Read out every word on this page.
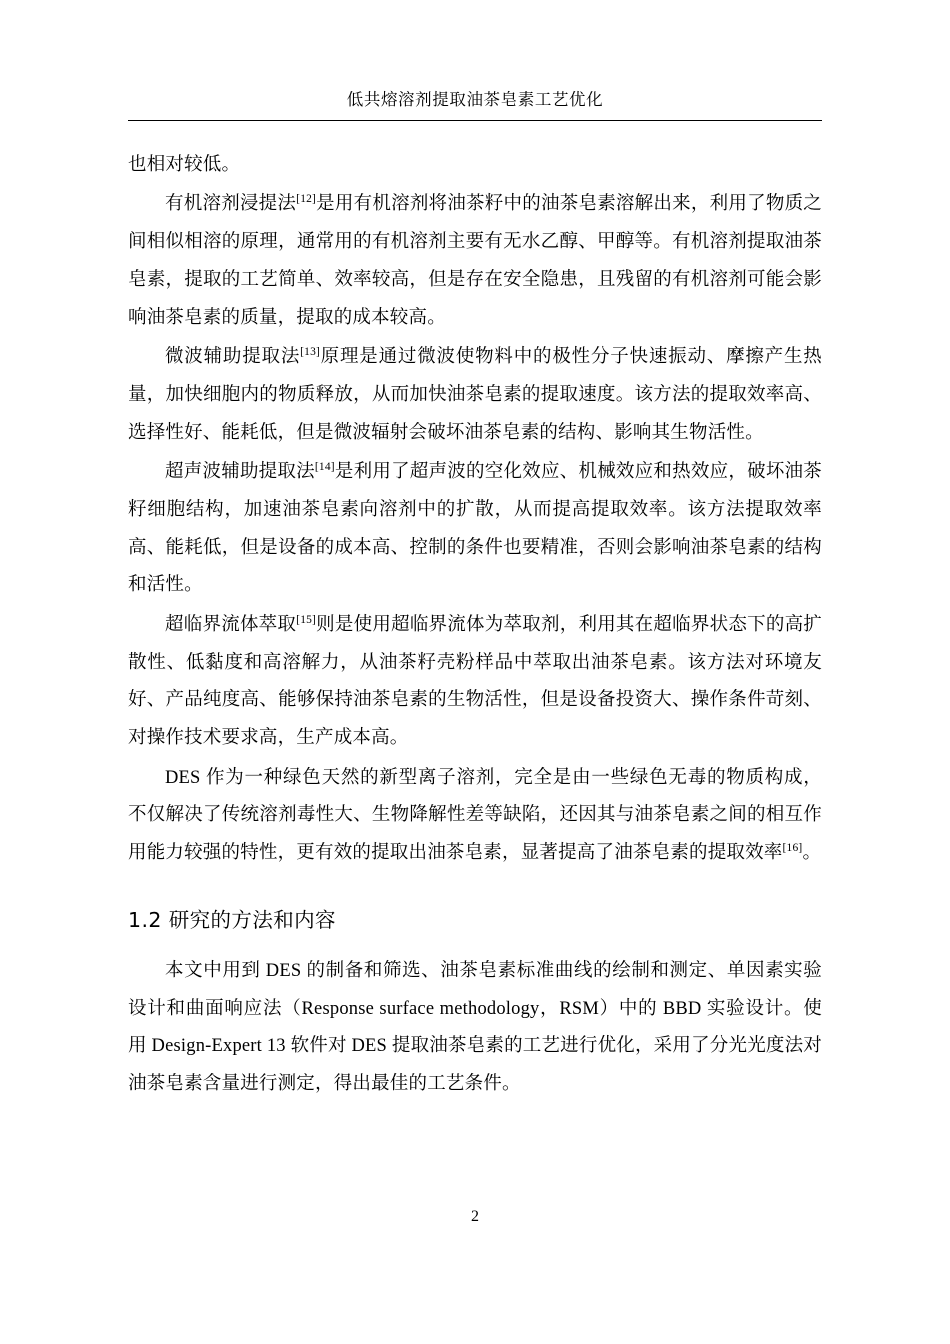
低共熔溶剂提取油茶皂素工艺优化

也相对较低。

有机溶剂浸提法[12]是用有机溶剂将油茶籽中的油茶皂素溶解出来，利用了物质之间相似相溶的原理，通常用的有机溶剂主要有无水乙醇、甲醇等。有机溶剂提取油茶皂素，提取的工艺简单、效率较高，但是存在安全隐患，且残留的有机溶剂可能会影响油茶皂素的质量，提取的成本较高。

微波辅助提取法[13]原理是通过微波使物料中的极性分子快速振动、摩擦产生热量，加快细胞内的物质释放，从而加快油茶皂素的提取速度。该方法的提取效率高、选择性好、能耗低，但是微波辐射会破坏油茶皂素的结构、影响其生物活性。

超声波辅助提取法[14]是利用了超声波的空化效应、机械效应和热效应，破坏油茶籽细胞结构，加速油茶皂素向溶剂中的扩散，从而提高提取效率。该方法提取效率高、能耗低，但是设备的成本高、控制的条件也要精准，否则会影响油茶皂素的结构和活性。

超临界流体萃取[15]则是使用超临界流体为萃取剂，利用其在超临界状态下的高扩散性、低黏度和高溶解力，从油茶籽壳粉样品中萃取出油茶皂素。该方法对环境友好、产品纯度高、能够保持油茶皂素的生物活性，但是设备投资大、操作条件苛刻、对操作技术要求高，生产成本高。

DES 作为一种绿色天然的新型离子溶剂，完全是由一些绿色无毒的物质构成，不仅解决了传统溶剂毒性大、生物降解性差等缺陷，还因其与油茶皂素之间的相互作用能力较强的特性，更有效的提取出油茶皂素，显著提高了油茶皂素的提取效率[16]。

1.2 研究的方法和内容

本文中用到 DES 的制备和筛选、油茶皂素标准曲线的绘制和测定、单因素实验设计和曲面响应法（Response surface methodology，RSM）中的 BBD 实验设计。使用 Design-Expert 13 软件对 DES 提取油茶皂素的工艺进行优化，采用了分光光度法对油茶皂素含量进行测定，得出最佳的工艺条件。

2
